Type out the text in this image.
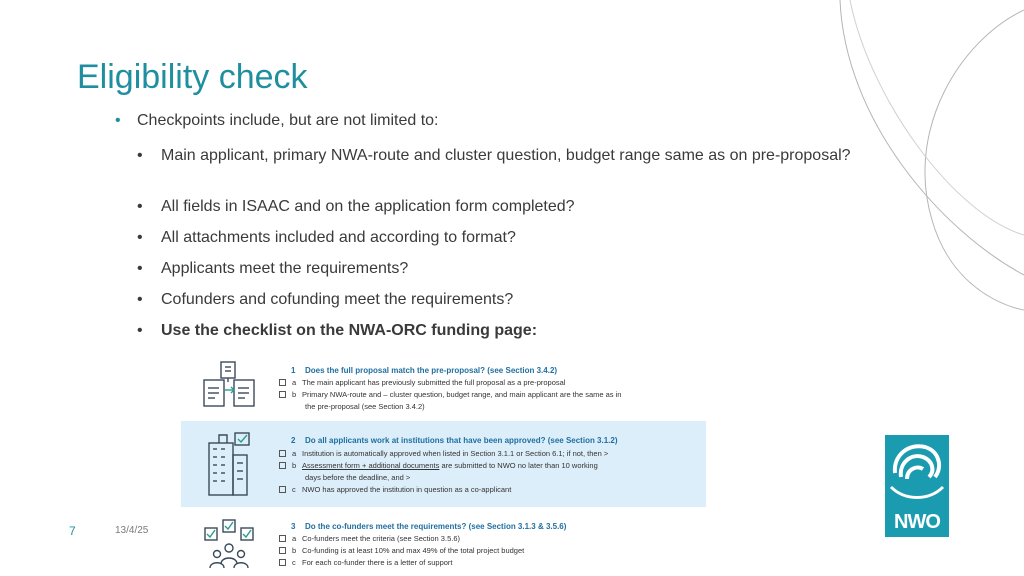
Eligibility check
• Checkpoints include, but are not limited to:
• Main applicant, primary NWA-route and cluster question, budget range same as on pre-proposal?
• All fields in ISAAC and on the application form completed?
• All attachments included and according to format?
• Applicants meet the requirements?
• Cofunders and cofunding meet the requirements?
• Use the checklist on the NWA-ORC funding page:
1 Does the full proposal match the pre-proposal? (see Section 3.4.2)
a The main applicant has previously submitted the full proposal as a pre-proposal
b Primary NWA-route and – cluster question, budget range, and main applicant are the same as in
the pre-proposal (see Section 3.4.2)
2 Do all applicants work at institutions that have been approved? (see Section 3.1.2)
a Institution is automatically approved when listed in Section 3.1.1 or Section 6.1; if not, then >
b Assessment form + additional documents are submitted to NWO no later than 10 working
days before the deadline, and >
c NWO has approved the institution in question as a co-applicant
3 Do the co-funders meet the requirements? (see Section 3.1.3 & 3.5.6)
a Co-funders meet the criteria (see Section 3.5.6)
b Co-funding is at least 10% and max 49% of the total project budget
c For each co-funder there is a letter of support
7	13/4/25	NWO
